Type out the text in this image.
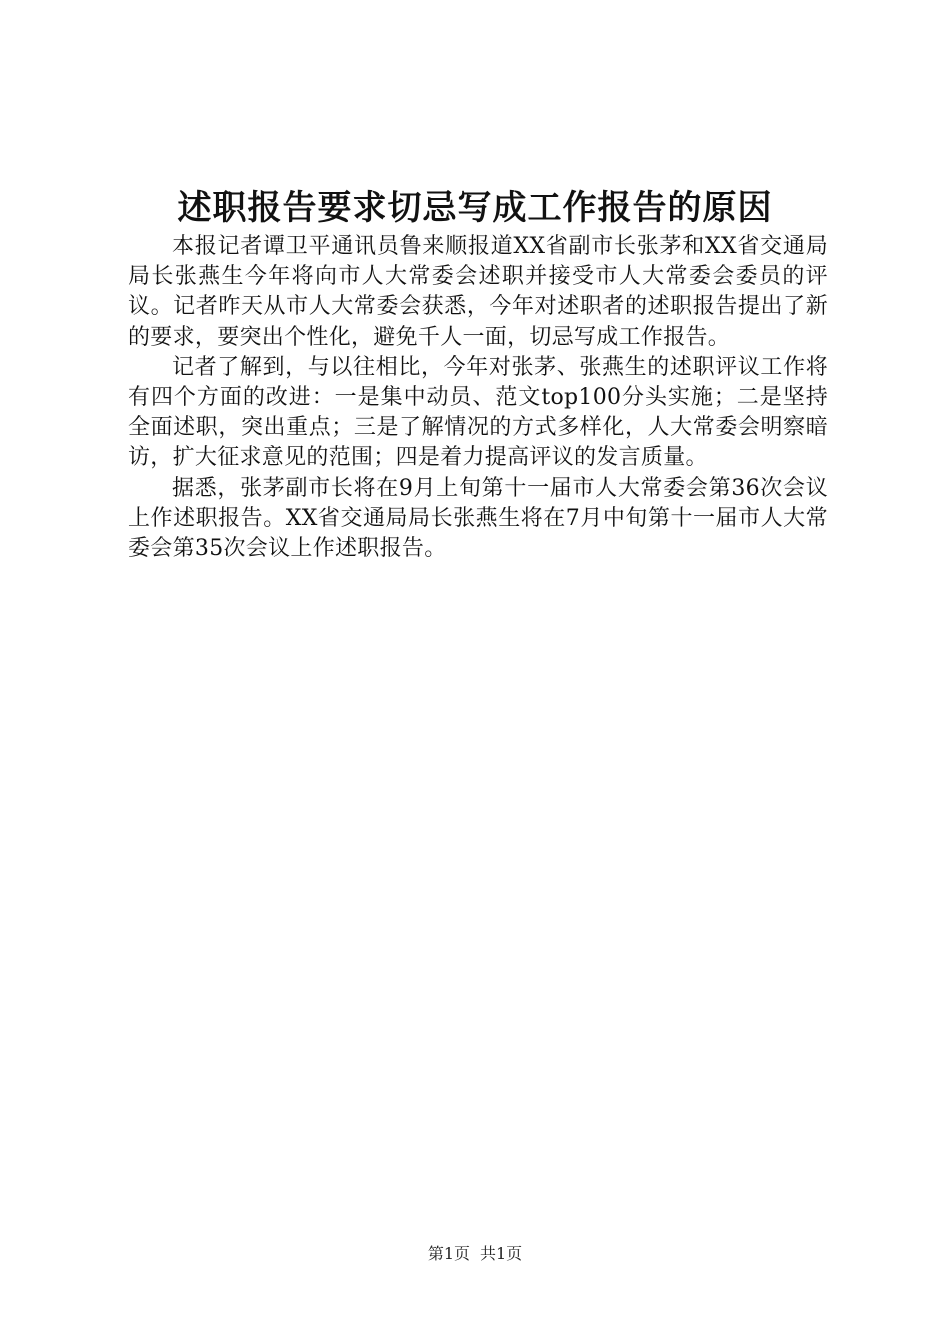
述职报告要求切忌写成工作报告的原因

本报记者谭卫平通讯员鲁来顺报道XX省副市长张茅和XX省交通局局长张燕生今年将向市人大常委会述职并接受市人大常委会委员的评议。记者昨天从市人大常委会获悉，今年对述职者的述职报告提出了新的要求，要突出个性化，避免千人一面，切忌写成工作报告。

记者了解到，与以往相比，今年对张茅、张燕生的述职评议工作将有四个方面的改进：一是集中动员、范文top100分头实施；二是坚持全面述职，突出重点；三是了解情况的方式多样化，人大常委会明察暗访，扩大征求意见的范围；四是着力提高评议的发言质量。

据悉，张茅副市长将在9月上旬第十一届市人大常委会第36次会议上作述职报告。XX省交通局局长张燕生将在7月中旬第十一届市人大常委会第35次会议上作述职报告。

第1页 共1页
